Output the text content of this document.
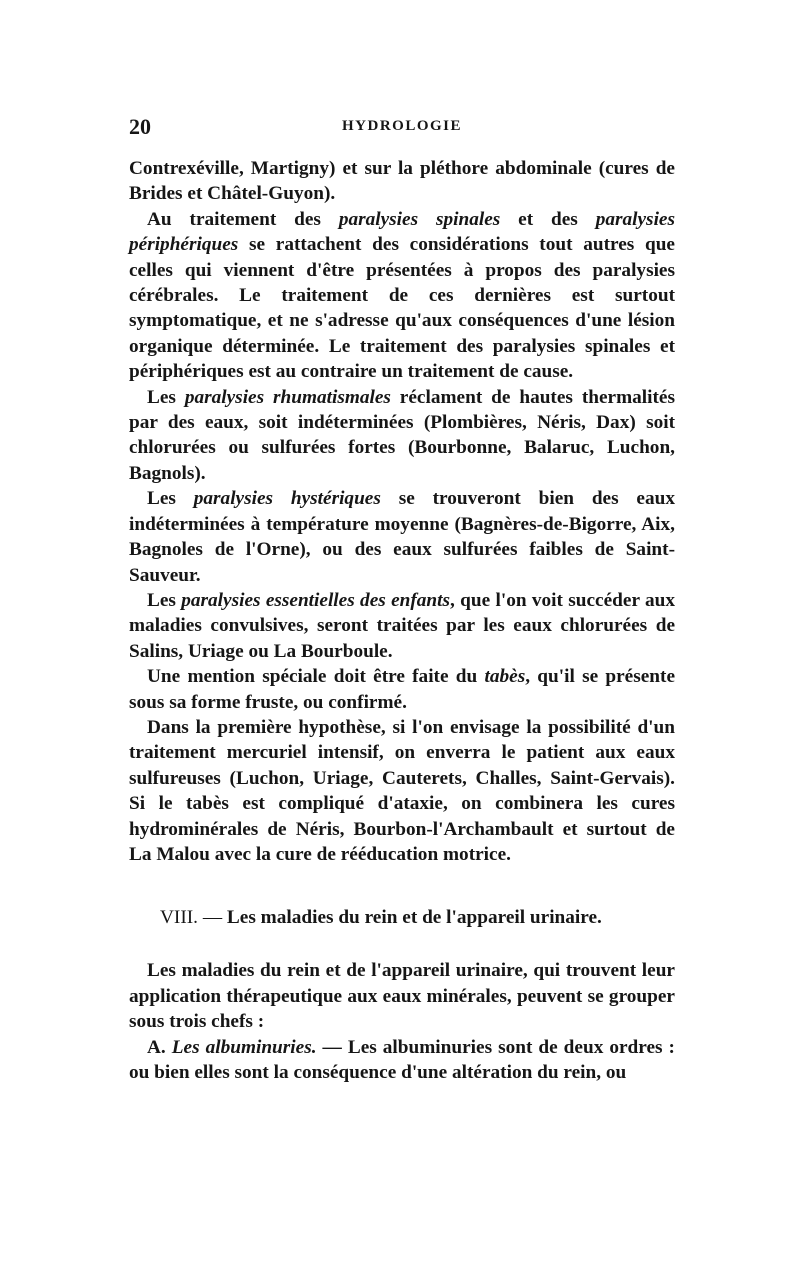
20	HYDROLOGIE

Contrexéville, Martigny) et sur la pléthore abdominale (cures de Brides et Châtel-Guyon).

Au traitement des paralysies spinales et des paralysies périphériques se rattachent des considérations tout autres que celles qui viennent d'être présentées à propos des paralysies cérébrales. Le traitement de ces dernières est surtout symptomatique, et ne s'adresse qu'aux conséquences d'une lésion organique déterminée. Le traitement des paralysies spinales et périphériques est au contraire un traitement de cause.

Les paralysies rhumatismales réclament de hautes thermalités par des eaux, soit indéterminées (Plombières, Néris, Dax) soit chlorurées ou sulfurées fortes (Bourbonne, Balaruc, Luchon, Bagnols).

Les paralysies hystériques se trouveront bien des eaux indéterminées à température moyenne (Bagnères-de-Bigorre, Aix, Bagnoles de l'Orne), ou des eaux sulfurées faibles de Saint-Sauveur.

Les paralysies essentielles des enfants, que l'on voit succéder aux maladies convulsives, seront traitées par les eaux chlorurées de Salins, Uriage ou La Bourboule.

Une mention spéciale doit être faite du tabès, qu'il se présente sous sa forme fruste, ou confirmé.

Dans la première hypothèse, si l'on envisage la possibilité d'un traitement mercuriel intensif, on enverra le patient aux eaux sulfureuses (Luchon, Uriage, Cauterets, Challes, Saint-Gervais). Si le tabès est compliqué d'ataxie, on combinera les cures hydrominérales de Néris, Bourbon-l'Archambault et surtout de La Malou avec la cure de rééducation motrice.

VIII. — Les maladies du rein et de l'appareil urinaire.

Les maladies du rein et de l'appareil urinaire, qui trouvent leur application thérapeutique aux eaux minérales, peuvent se grouper sous trois chefs :

A. Les albuminuries. — Les albuminuries sont de deux ordres : ou bien elles sont la conséquence d'une altération du rein, ou
